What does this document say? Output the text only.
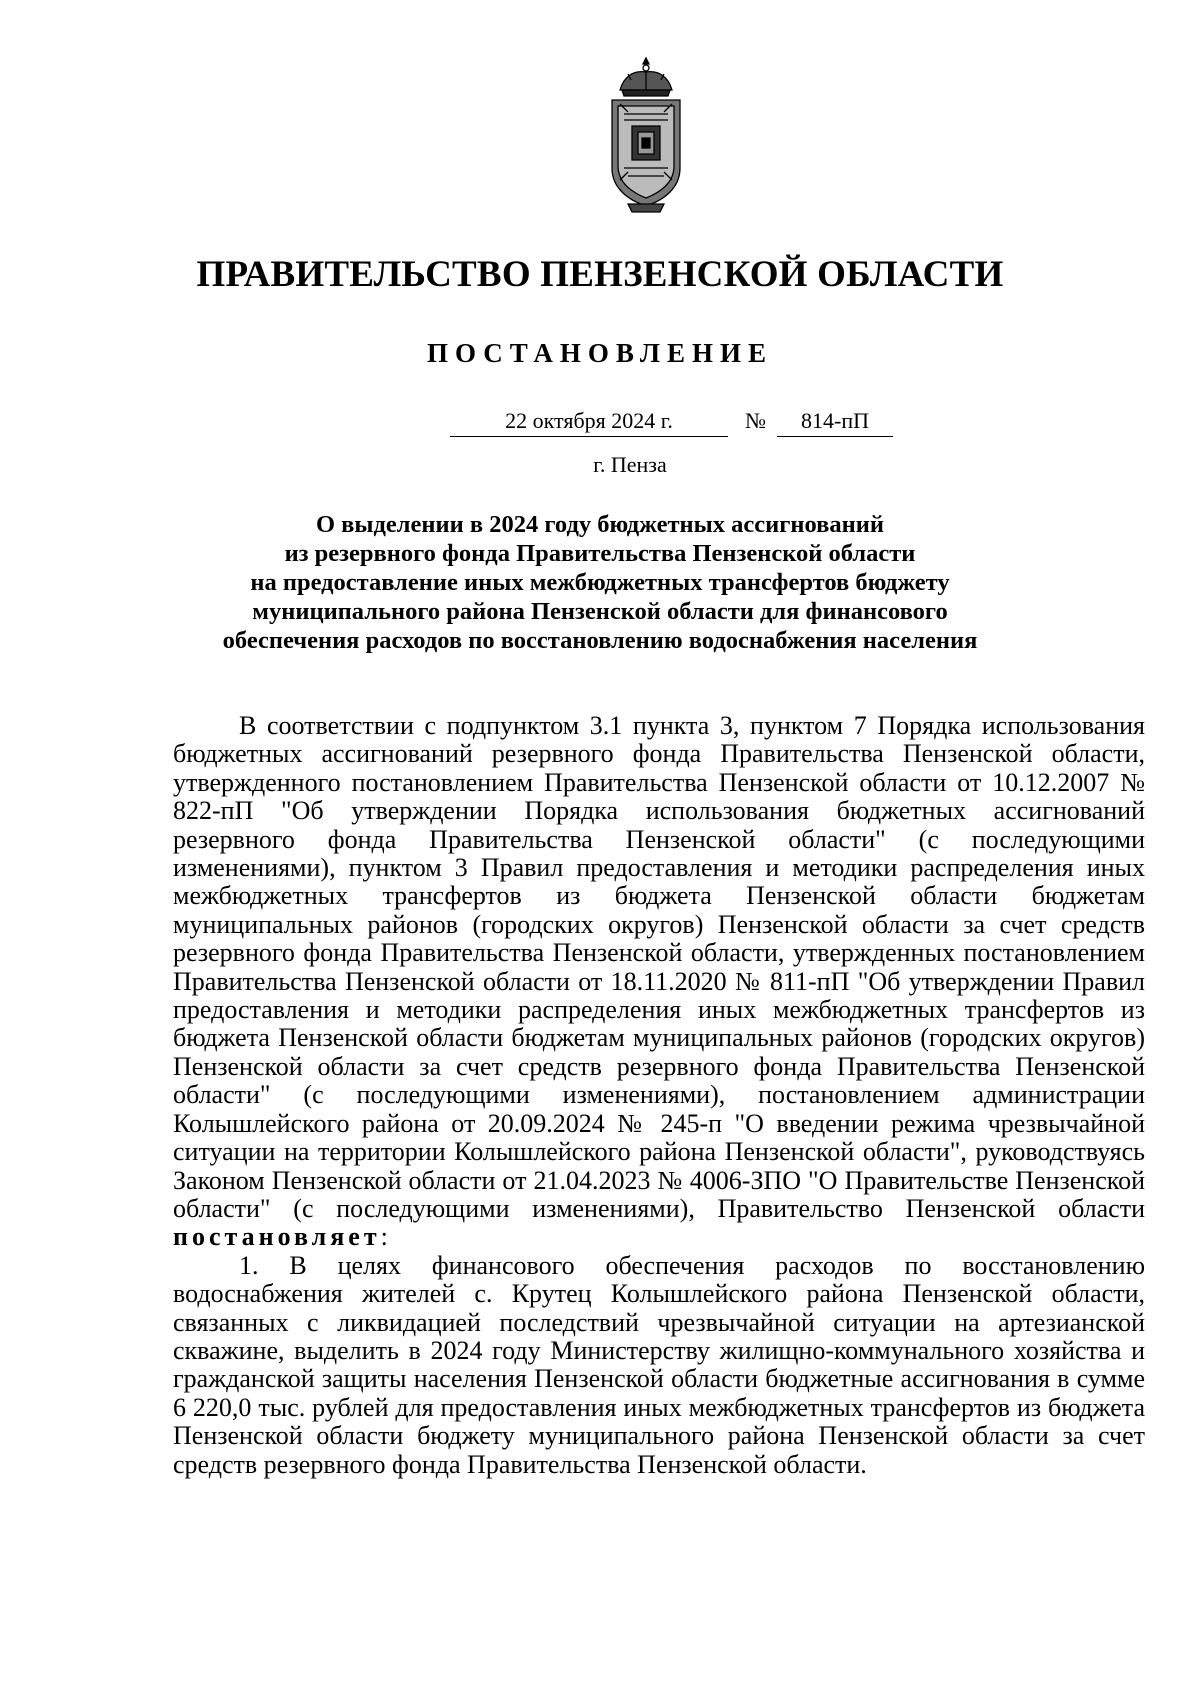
ПРАВИТЕЛЬСТВО ПЕНЗЕНСКОЙ ОБЛАСТИ
ПОСТАНОВЛЕНИЕ
22 октября 2024 г.	№	814-пП
г. Пенза
О выделении в 2024 году бюджетных ассигнований
из резервного фонда Правительства Пензенской области
на предоставление иных межбюджетных трансфертов бюджету
муниципального района Пензенской области для финансового
обеспечения расходов по восстановлению водоснабжения населения

В соответствии с подпунктом 3.1 пункта 3, пунктом 7 Порядка использования бюджетных ассигнований резервного фонда Правительства Пензенской области, утвержденного постановлением Правительства Пензенской области от 10.12.2007 № 822-пП "Об утверждении Порядка использования бюджетных ассигнований резервного фонда Правительства Пензенской области" (с последующими изменениями), пунктом 3 Правил предоставления и методики распределения иных межбюджетных трансфертов из бюджета Пензенской области бюджетам муниципальных районов (городских округов) Пензенской области за счет средств резервного фонда Правительства Пензенской области, утвержденных постановлением Правительства Пензенской области от 18.11.2020 № 811-пП "Об утверждении Правил предоставления и методики распределения иных межбюджетных трансфертов из бюджета Пензенской области бюджетам муниципальных районов (городских округов) Пензенской области за счет средств резервного фонда Правительства Пензенской области" (с последующими изменениями), постановлением администрации Колышлейского района от 20.09.2024 № 245-п "О введении режима чрезвычайной ситуации на территории Колышлейского района Пензенской области", руководствуясь Законом Пензенской области от 21.04.2023 № 4006-ЗПО "О Правительстве Пензенской области" (с последующими изменениями), Правительство Пензенской области постановляет:

1. В целях финансового обеспечения расходов по восстановлению водоснабжения жителей с. Крутец Колышлейского района Пензенской области, связанных с ликвидацией последствий чрезвычайной ситуации на артезианской скважине, выделить в 2024 году Министерству жилищно-коммунального хозяйства и гражданской защиты населения Пензенской области бюджетные ассигнования в сумме 6 220,0 тыс. рублей для предоставления иных межбюджетных трансфертов из бюджета Пензенской области бюджету муниципального района Пензенской области за счет средств резервного фонда Правительства Пензенской области.
